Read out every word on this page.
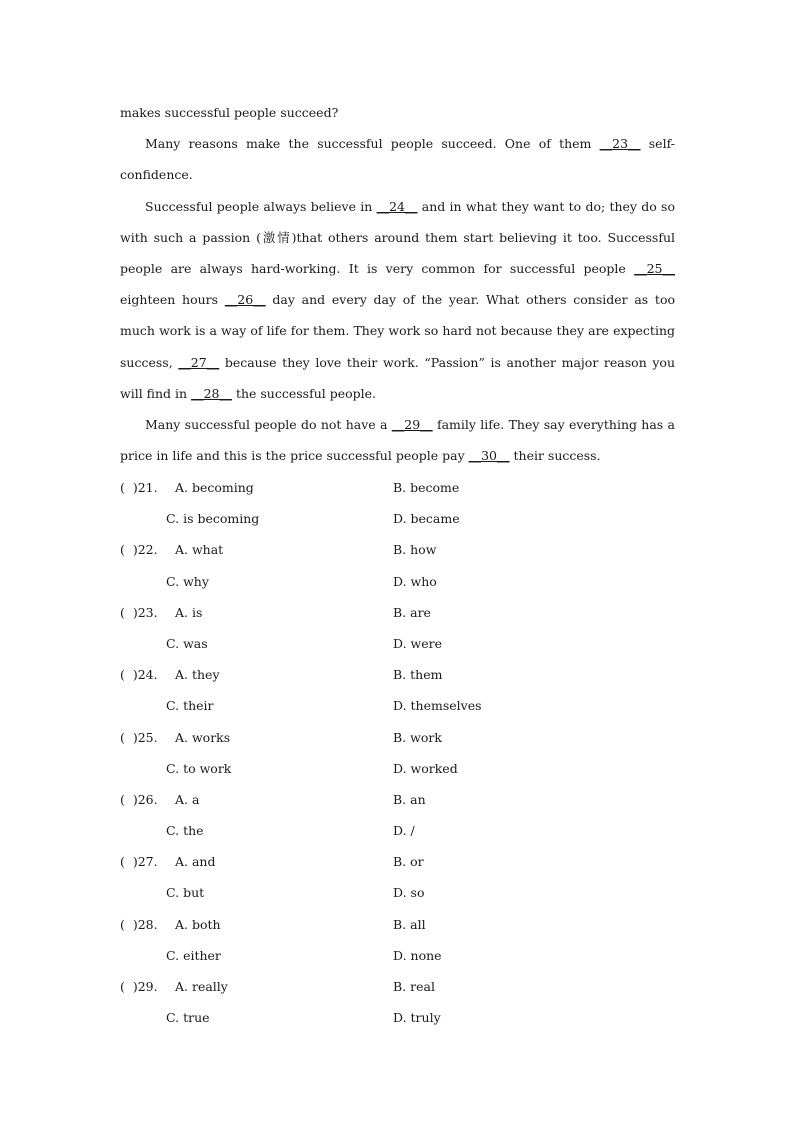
makes successful people succeed?

Many reasons make the successful people succeed. One of them __23__ self-confidence.

Successful people always believe in __24__ and in what they want to do; they do so with such a passion (激情)that others around them start believing it too. Successful people are always hard-working. It is very common for successful people __25__ eighteen hours __26__ day and every day of the year. What others consider as too much work is a way of life for them. They work so hard not because they are expecting success, __27__ because they love their work. “Passion” is another major reason you will find in __28__ the successful people.

Many successful people do not have a __29__ family life. They say everything has a price in life and this is the price successful people pay __30__ their success.

(  )21. A. becoming	B. become
C. is becoming	D. became
(  )22. A. what	B. how
C. why	D. who
(  )23. A. is	B. are
C. was	D. were
(  )24. A. they	B. them
C. their	D. themselves
(  )25. A. works	B. work
C. to work	D. worked
(  )26. A. a	B. an
C. the	D. /
(  )27. A. and	B. or
C. but	D. so
(  )28. A. both	B. all
C. either	D. none
(  )29. A. really	B. real
C. true	D. truly
